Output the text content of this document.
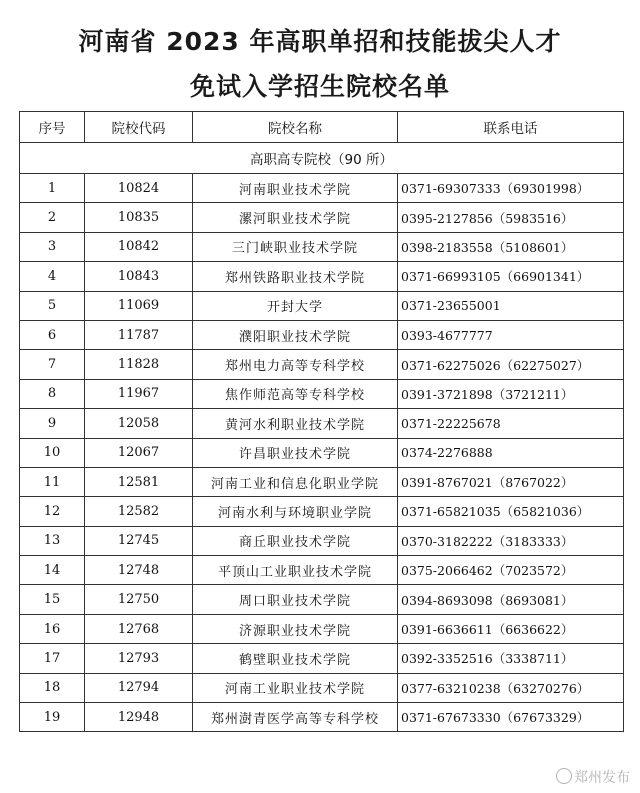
河南省 2023 年高职单招和技能拔尖人才
免试入学招生院校名单
序号	院校代码	院校名称	联系电话
高职高专院校（90 所）			
1	10824	河南职业技术学院	0371-69307333（69301998）
2	10835	漯河职业技术学院	0395-2127856（5983516）
3	10842	三门峡职业技术学院	0398-2183558（5108601）
4	10843	郑州铁路职业技术学院	0371-66993105（66901341）
5	11069	开封大学	0371-23655001
6	11787	濮阳职业技术学院	0393-4677777
7	11828	郑州电力高等专科学校	0371-62275026（62275027）
8	11967	焦作师范高等专科学校	0391-3721898（3721211）
9	12058	黄河水利职业技术学院	0371-22225678
10	12067	许昌职业技术学院	0374-2276888
11	12581	河南工业和信息化职业学院	0391-8767021（8767022）
12	12582	河南水利与环境职业学院	0371-65821035（65821036）
13	12745	商丘职业技术学院	0370-3182222（3183333）
14	12748	平顶山工业职业技术学院	0375-2066462（7023572）
15	12750	周口职业技术学院	0394-8693098（8693081）
16	12768	济源职业技术学院	0391-6636611（6636622）
17	12793	鹤壁职业技术学院	0392-3352516（3338711）
18	12794	河南工业职业技术学院	0377-63210238（63270276）
19	12948	郑州澍青医学高等专科学校	0371-67673330（67673329）
郑州发布
